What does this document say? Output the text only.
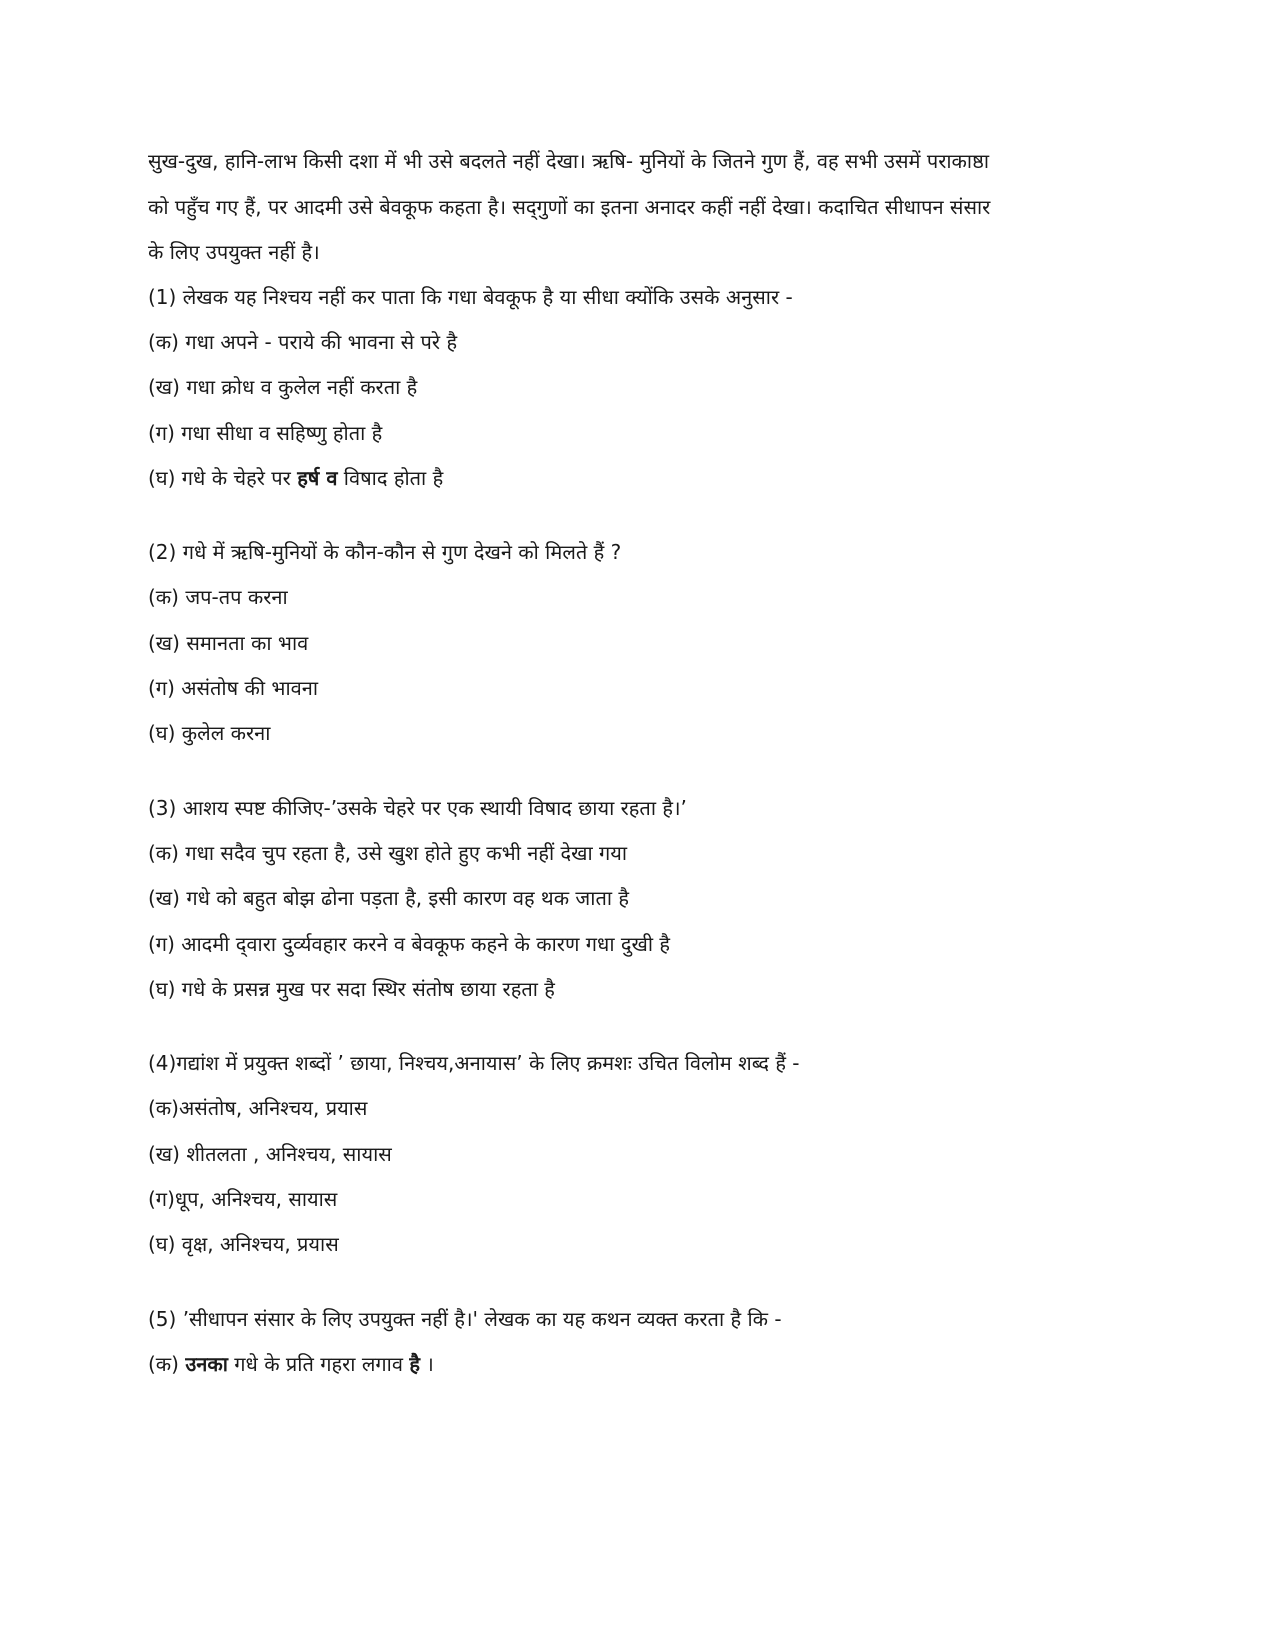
सुख-दुख, हानि-लाभ किसी दशा में भी उसे बदलते नहीं देखा। ऋषि- मुनियों के जितने गुण हैं, वह सभी उसमें पराकाष्ठा
को पहुँच गए हैं, पर आदमी उसे बेवकूफ कहता है। सद्‌गुणों का इतना अनादर कहीं नहीं देखा। कदाचित सीधापन संसार
के लिए उपयुक्त नहीं है।
(1) लेखक यह निश्चय नहीं कर पाता कि गधा बेवकूफ है या सीधा क्योंकि उसके अनुसार -
(क) गधा अपने - पराये की भावना से परे है
(ख) गधा क्रोध व कुलेल नहीं करता है
(ग) गधा सीधा व सहिष्णु होता है
(घ) गधे के चेहरे पर हर्ष व विषाद होता है
(2) गधे में ऋषि-मुनियों के कौन-कौन से गुण देखने को मिलते हैं ?
(क) जप-तप करना
(ख) समानता का भाव
(ग) असंतोष की भावना
(घ) कुलेल करना
(3) आशय स्पष्ट कीजिए-’उसके चेहरे पर एक स्थायी विषाद छाया रहता है।’
(क) गधा सदैव चुप रहता है, उसे खुश होते हुए कभी नहीं देखा गया
(ख) गधे को बहुत बोझ ढोना पड़ता है, इसी कारण वह थक जाता है
(ग) आदमी द्‌वारा दुर्व्यवहार करने व बेवकूफ कहने के कारण गधा दुखी है
(घ) गधे के प्रसन्न मुख पर सदा स्थिर संतोष छाया रहता है
(4)गद्यांश में प्रयुक्त शब्दों ’ छाया, निश्चय,अनायास’ के लिए क्रमशः उचित विलोम शब्द हैं -
(क)असंतोष, अनिश्चय, प्रयास
(ख) शीतलता , अनिश्चय, सायास
(ग)धूप, अनिश्चय, सायास
(घ) वृक्ष, अनिश्चय, प्रयास
(5) ’सीधापन संसार के लिए उपयुक्त नहीं है।' लेखक का यह कथन व्यक्त करता है कि -
(क) उनका गधे के प्रति गहरा लगाव है ।
